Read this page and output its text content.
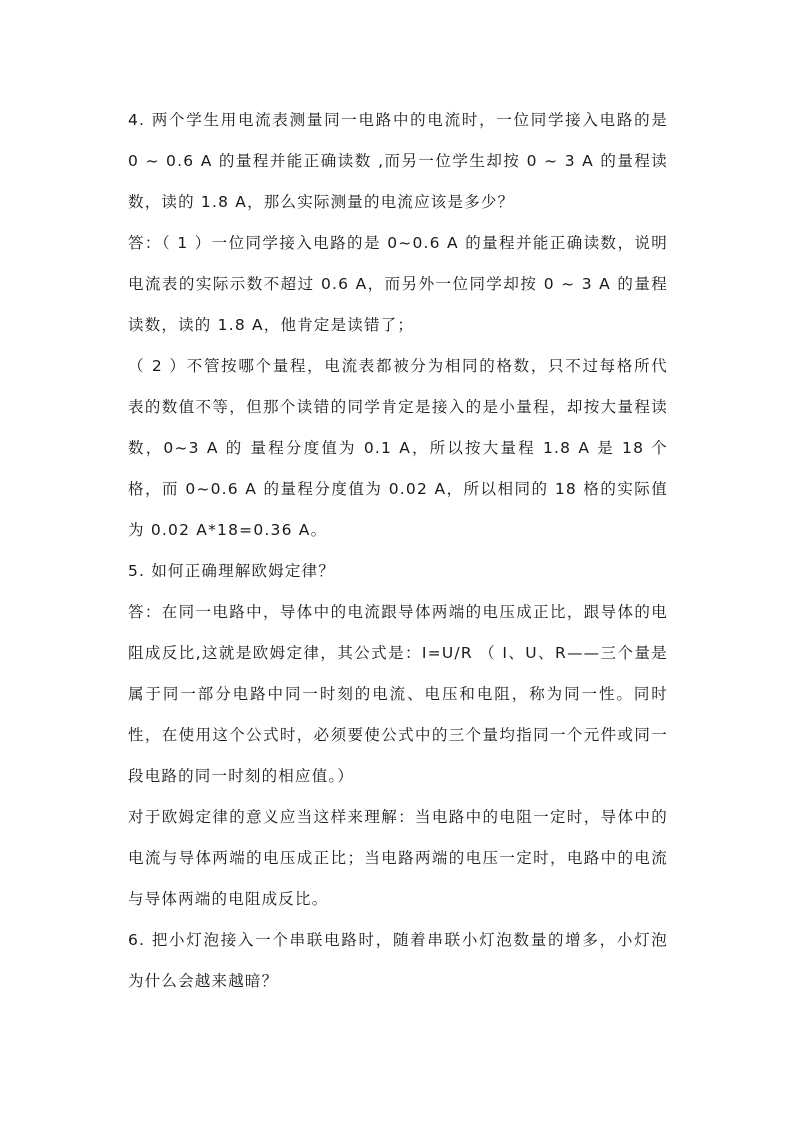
4. 两个学生用电流表测量同一电路中的电流时，一位同学接入电路的是 0 ~ 0.6 A 的量程并能正确读数 ,而另一位学生却按 0 ~ 3 A 的量程读数，读的 1.8 A，那么实际测量的电流应该是多少？

答：（ 1 ）一位同学接入电路的是 0~0.6 A 的量程并能正确读数，说明电流表的实际示数不超过 0.6 A，而另外一位同学却按 0 ~ 3 A 的量程读数，读的 1.8 A，他肯定是读错了；

（ 2 ）不管按哪个量程，电流表都被分为相同的格数，只不过每格所代表的数值不等，但那个读错的同学肯定是接入的是小量程，却按大量程读数，0~3 A 的 量程分度值为 0.1 A，所以按大量程 1.8 A 是 18 个格，而 0~0.6 A 的量程分度值为 0.02 A，所以相同的 18 格的实际值为 0.02 A*18=0.36 A。

5. 如何正确理解欧姆定律？

答：在同一电路中，导体中的电流跟导体两端的电压成正比，跟导体的电阻成反比,这就是欧姆定律，其公式是：I=U/R （ I、U、R——三个量是属于同一部分电路中同一时刻的电流、电压和电阻，称为同一性。同时性，在使用这个公式时，必须要使公式中的三个量均指同一个元件或同一段电路的同一时刻的相应值。）

对于欧姆定律的意义应当这样来理解：当电路中的电阻一定时，导体中的电流与导体两端的电压成正比；当电路两端的电压一定时，电路中的电流与导体两端的电阻成反比。

6. 把小灯泡接入一个串联电路时，随着串联小灯泡数量的增多，小灯泡为什么会越来越暗？
